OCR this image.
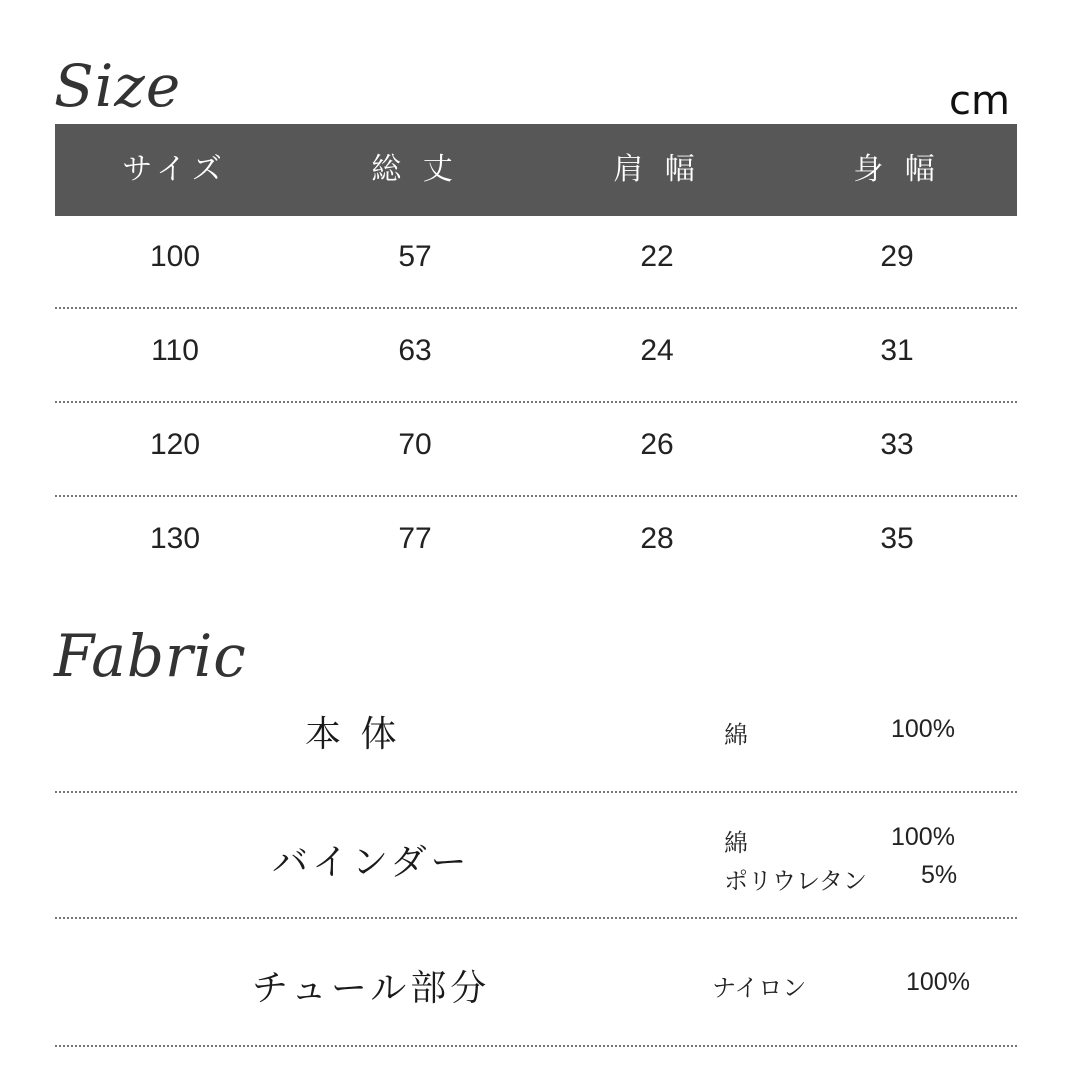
Size	cm
サイズ	総 丈	肩 幅	身 幅
100	57	22	29
110	63	24	31
120	70	26	33
130	77	28	35
Fabric
本 体	綿	100%
バインダー	綿	100%
ポリウレタン 5%
チュール部分	ナイロン	100%
